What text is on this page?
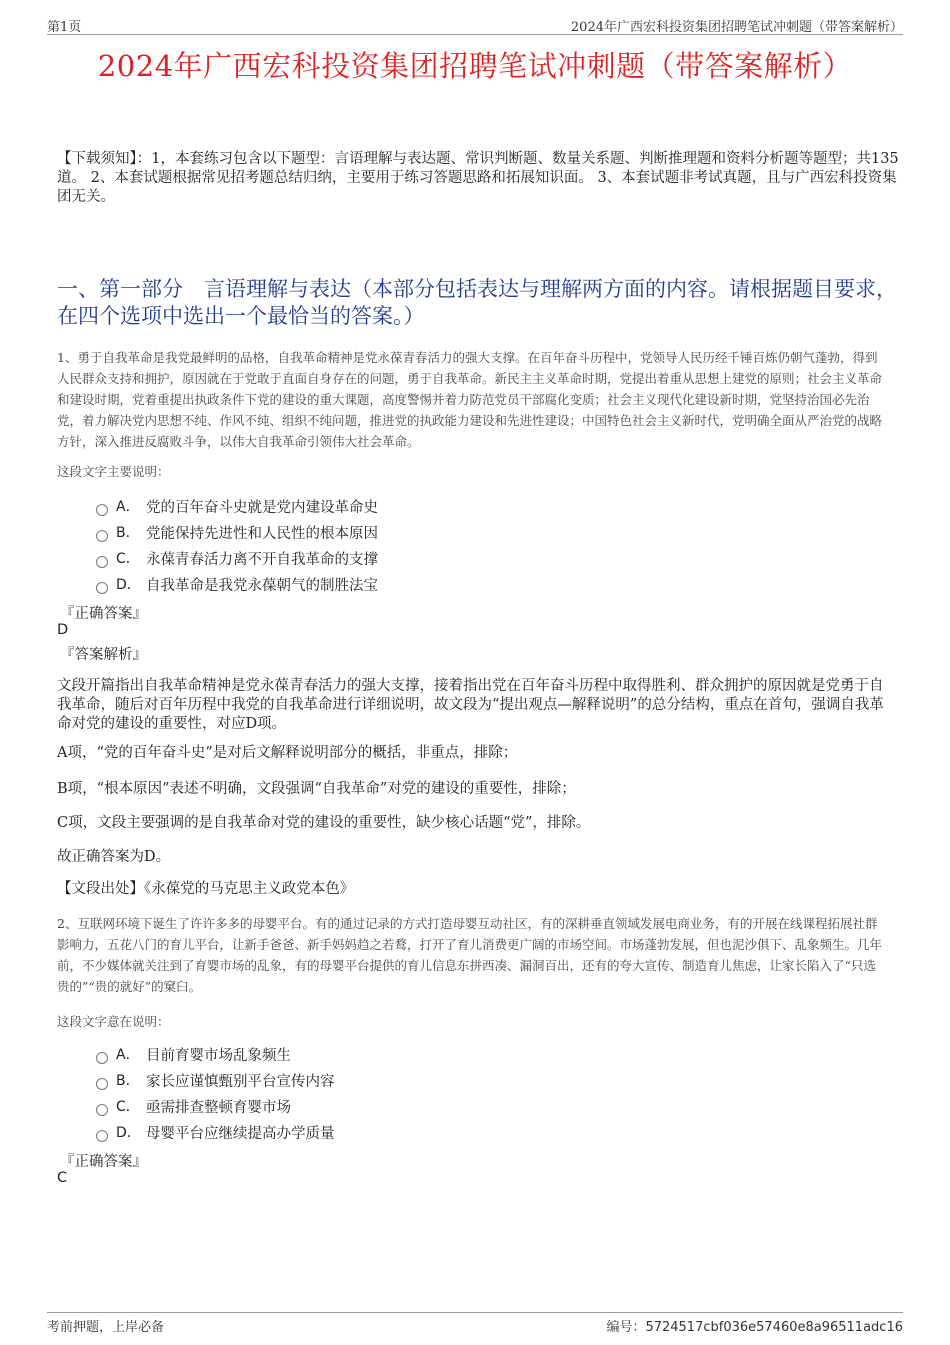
第1页	2024年广西宏科投资集团招聘笔试冲刺题（带答案解析）
2024年广西宏科投资集团招聘笔试冲刺题（带答案解析）

【下载须知】：1，本套练习包含以下题型：言语理解与表达题、常识判断题、数量关系题、判断推理题和资料分析题等题型；共135道。 2、本套试题根据常见招考题总结归纳，主要用于练习答题思路和拓展知识面。 3、本套试题非考试真题，且与广西宏科投资集团无关。

一、第一部分　言语理解与表达（本部分包括表达与理解两方面的内容。请根据题目要求，在四个选项中选出一个最恰当的答案。）

1、勇于自我革命是我党最鲜明的品格，自我革命精神是党永葆青春活力的强大支撑。在百年奋斗历程中，党领导人民历经千锤百炼仍朝气蓬勃，得到人民群众支持和拥护，原因就在于党敢于直面自身存在的问题，勇于自我革命。新民主主义革命时期，党提出着重从思想上建党的原则；社会主义革命和建设时期，党着重提出执政条件下党的建设的重大课题，高度警惕并着力防范党员干部腐化变质；社会主义现代化建设新时期，党坚持治国必先治党，着力解决党内思想不纯、作风不纯、组织不纯问题，推进党的执政能力建设和先进性建设；中国特色社会主义新时代，党明确全面从严治党的战略方针，深入推进反腐败斗争，以伟大自我革命引领伟大社会革命。

这段文字主要说明：

A． 党的百年奋斗史就是党内建设革命史
B． 党能保持先进性和人民性的根本原因
C． 永葆青春活力离不开自我革命的支撑
D． 自我革命是我党永葆朝气的制胜法宝

『正确答案』

D

『答案解析』

文段开篇指出自我革命精神是党永葆青春活力的强大支撑，接着指出党在百年奋斗历程中取得胜利、群众拥护的原因就是党勇于自我革命，随后对百年历程中我党的自我革命进行详细说明，故文段为“提出观点—解释说明”的总分结构，重点在首句，强调自我革命对党的建设的重要性，对应D项。

A项，“党的百年奋斗史”是对后文解释说明部分的概括，非重点，排除；

B项，“根本原因”表述不明确，文段强调“自我革命”对党的建设的重要性，排除；

C项，文段主要强调的是自我革命对党的建设的重要性，缺少核心话题“党”，排除。

故正确答案为D。

【文段出处】《永葆党的马克思主义政党本色》

2、互联网环境下诞生了许许多多的母婴平台。有的通过记录的方式打造母婴互动社区，有的深耕垂直领域发展电商业务，有的开展在线课程拓展社群影响力，五花八门的育儿平台，让新手爸爸、新手妈妈趋之若鹜，打开了育儿消费更广阔的市场空间。市场蓬勃发展，但也泥沙俱下、乱象频生。几年前，不少媒体就关注到了育婴市场的乱象，有的母婴平台提供的育儿信息东拼西凑、漏洞百出，还有的夸大宣传、制造育儿焦虑，让家长陷入了“只选贵的”“贵的就好”的窠臼。

这段文字意在说明：

A． 目前育婴市场乱象频生
B． 家长应谨慎甄别平台宣传内容
C． 亟需排查整顿育婴市场
D． 母婴平台应继续提高办学质量

『正确答案』

C

考前押题，上岸必备	编号：5724517cbf036e57460e8a96511adc16
